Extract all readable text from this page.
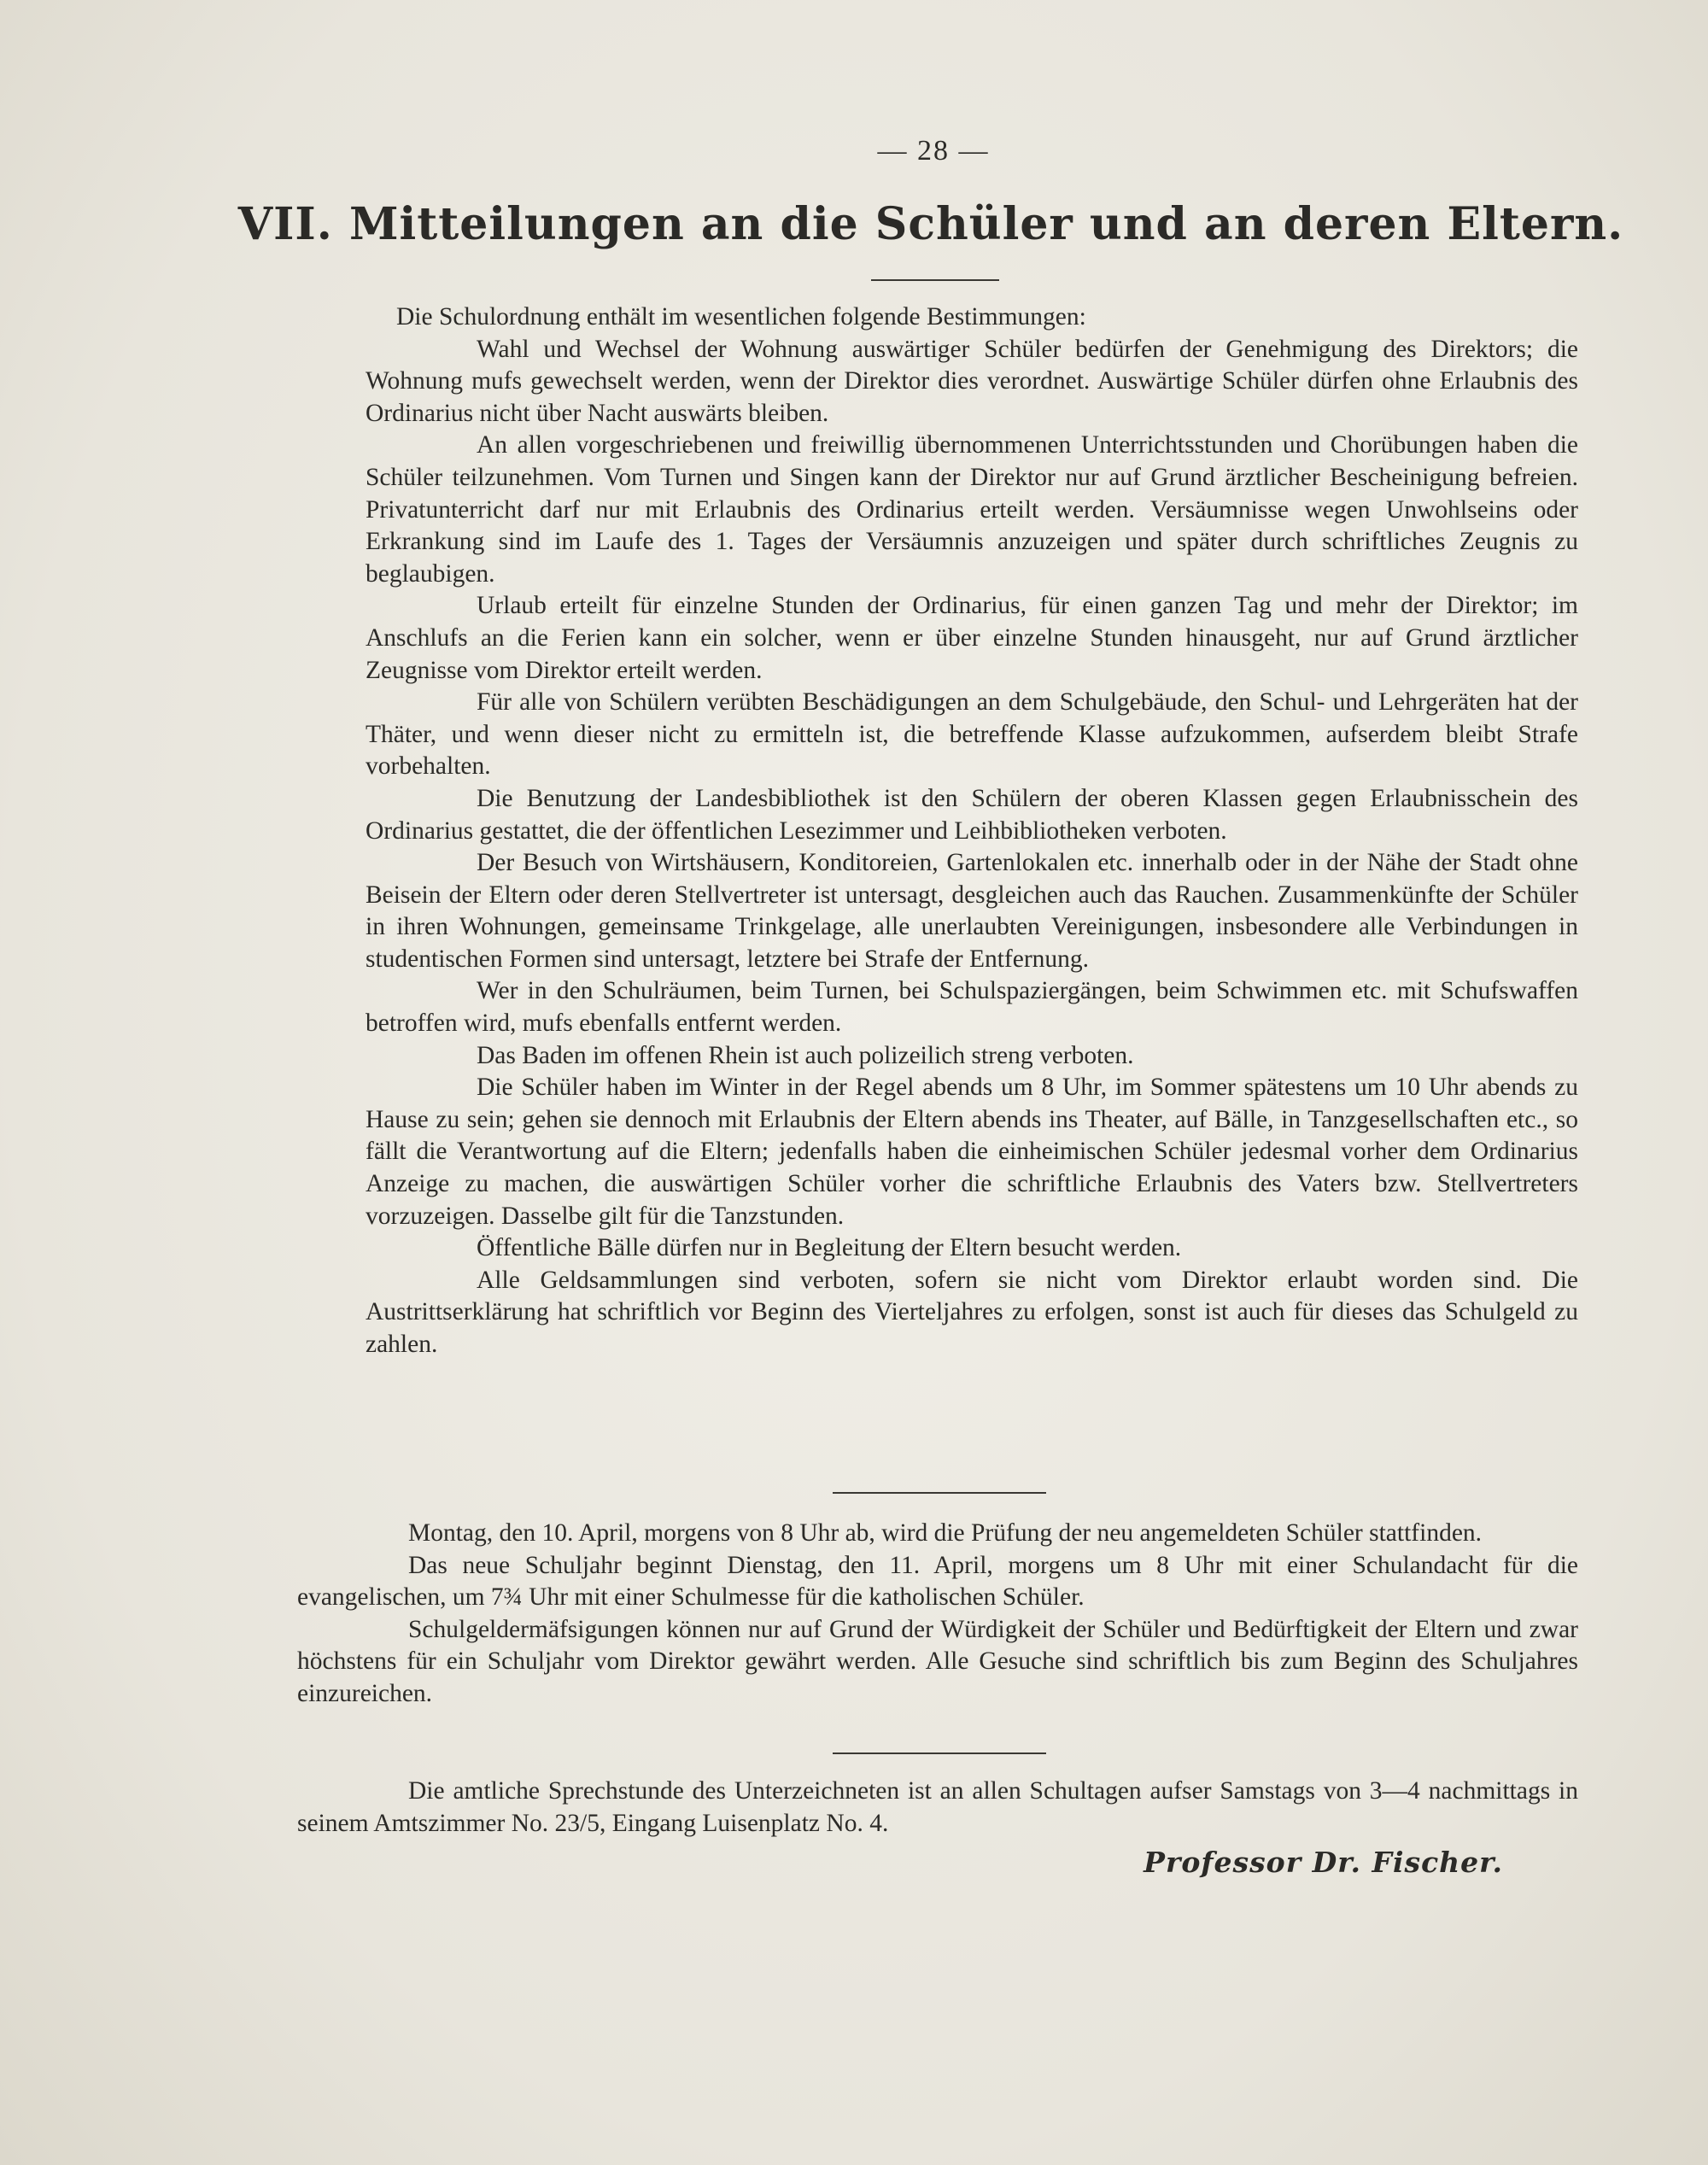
— 28 —
VII. Mitteilungen an die Schüler und an deren Eltern.

Die Schulordnung enthält im wesentlichen folgende Bestimmungen:

Wahl und Wechsel der Wohnung auswärtiger Schüler bedürfen der Genehmigung des Direktors; die Wohnung mufs gewechselt werden, wenn der Direktor dies verordnet. Auswärtige Schüler dürfen ohne Erlaubnis des Ordinarius nicht über Nacht auswärts bleiben.

An allen vorgeschriebenen und freiwillig übernommenen Unterrichtsstunden und Chorübungen haben die Schüler teilzunehmen. Vom Turnen und Singen kann der Direktor nur auf Grund ärztlicher Bescheinigung befreien. Privatunterricht darf nur mit Erlaubnis des Ordinarius erteilt werden. Versäumnisse wegen Unwohlseins oder Erkrankung sind im Laufe des 1. Tages der Versäumnis anzuzeigen und später durch schriftliches Zeugnis zu beglaubigen.

Urlaub erteilt für einzelne Stunden der Ordinarius, für einen ganzen Tag und mehr der Direktor; im Anschlufs an die Ferien kann ein solcher, wenn er über einzelne Stunden hinausgeht, nur auf Grund ärztlicher Zeugnisse vom Direktor erteilt werden.

Für alle von Schülern verübten Beschädigungen an dem Schulgebäude, den Schul- und Lehrgeräten hat der Thäter, und wenn dieser nicht zu ermitteln ist, die betreffende Klasse aufzukommen, aufserdem bleibt Strafe vorbehalten.

Die Benutzung der Landesbibliothek ist den Schülern der oberen Klassen gegen Erlaubnisschein des Ordinarius gestattet, die der öffentlichen Lesezimmer und Leihbibliotheken verboten.

Der Besuch von Wirtshäusern, Konditoreien, Gartenlokalen etc. innerhalb oder in der Nähe der Stadt ohne Beisein der Eltern oder deren Stellvertreter ist untersagt, desgleichen auch das Rauchen. Zusammenkünfte der Schüler in ihren Wohnungen, gemeinsame Trinkgelage, alle unerlaubten Vereinigungen, insbesondere alle Verbindungen in studentischen Formen sind untersagt, letztere bei Strafe der Entfernung.

Wer in den Schulräumen, beim Turnen, bei Schulspaziergängen, beim Schwimmen etc. mit Schufswaffen betroffen wird, mufs ebenfalls entfernt werden.

Das Baden im offenen Rhein ist auch polizeilich streng verboten.

Die Schüler haben im Winter in der Regel abends um 8 Uhr, im Sommer spätestens um 10 Uhr abends zu Hause zu sein; gehen sie dennoch mit Erlaubnis der Eltern abends ins Theater, auf Bälle, in Tanzgesellschaften etc., so fällt die Verantwortung auf die Eltern; jedenfalls haben die einheimischen Schüler jedesmal vorher dem Ordinarius Anzeige zu machen, die auswärtigen Schüler vorher die schriftliche Erlaubnis des Vaters bzw. Stellvertreters vorzuzeigen. Dasselbe gilt für die Tanzstunden.

Öffentliche Bälle dürfen nur in Begleitung der Eltern besucht werden.

Alle Geldsammlungen sind verboten, sofern sie nicht vom Direktor erlaubt worden sind. Die Austrittserklärung hat schriftlich vor Beginn des Vierteljahres zu erfolgen, sonst ist auch für dieses das Schulgeld zu zahlen.

Montag, den 10. April, morgens von 8 Uhr ab, wird die Prüfung der neu angemeldeten Schüler stattfinden.

Das neue Schuljahr beginnt Dienstag, den 11. April, morgens um 8 Uhr mit einer Schulandacht für die evangelischen, um 7¾ Uhr mit einer Schulmesse für die katholischen Schüler.

Schulgeldermäfsigungen können nur auf Grund der Würdigkeit der Schüler und Bedürftigkeit der Eltern und zwar höchstens für ein Schuljahr vom Direktor gewährt werden. Alle Gesuche sind schriftlich bis zum Beginn des Schuljahres einzureichen.

Die amtliche Sprechstunde des Unterzeichneten ist an allen Schultagen aufser Samstags von 3—4 nachmittags in seinem Amtszimmer No. 23/5, Eingang Luisenplatz No. 4.

Professor Dr. Fischer.
